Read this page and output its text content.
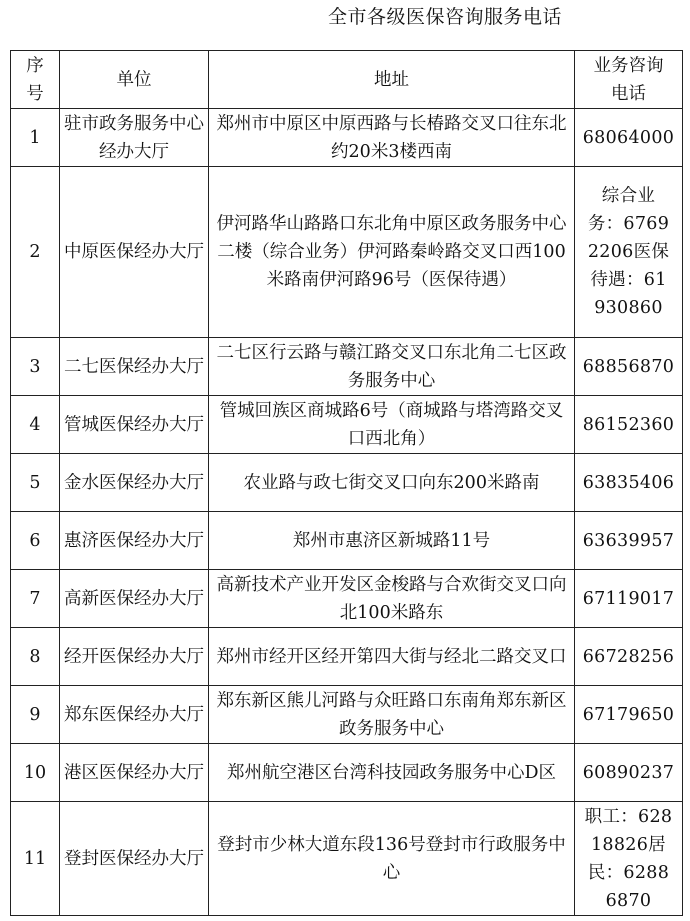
全市各级医保咨询服务电话
序号	单位	地址	业务咨询电话
1	驻市政务服务中心经办大厅	郑州市中原区中原西路与长椿路交叉口往东北约20米3楼西南	68064000
2	中原医保经办大厅	伊河路华山路路口东北角中原区政务服务中心二楼（综合业务）伊河路秦岭路交叉口西100米路南伊河路96号（医保待遇）	综合业务：67692206医保待遇：61930860
3	二七医保经办大厅	二七区行云路与赣江路交叉口东北角二七区政务服务中心	68856870
4	管城医保经办大厅	管城回族区商城路6号（商城路与塔湾路交叉口西北角）	86152360
5	金水医保经办大厅	农业路与政七街交叉口向东200米路南	63835406
6	惠济医保经办大厅	郑州市惠济区新城路11号	63639957
7	高新医保经办大厅	高新技术产业开发区金梭路与合欢街交叉口向北100米路东	67119017
8	经开医保经办大厅	郑州市经开区经开第四大街与经北二路交叉口	66728256
9	郑东医保经办大厅	郑东新区熊儿河路与众旺路口东南角郑东新区政务服务中心	67179650
10	港区医保经办大厅	郑州航空港区台湾科技园政务服务中心D区	60890237
11	登封医保经办大厅	登封市少林大道东段136号登封市行政服务中心	职工：62818826居民：62886870
